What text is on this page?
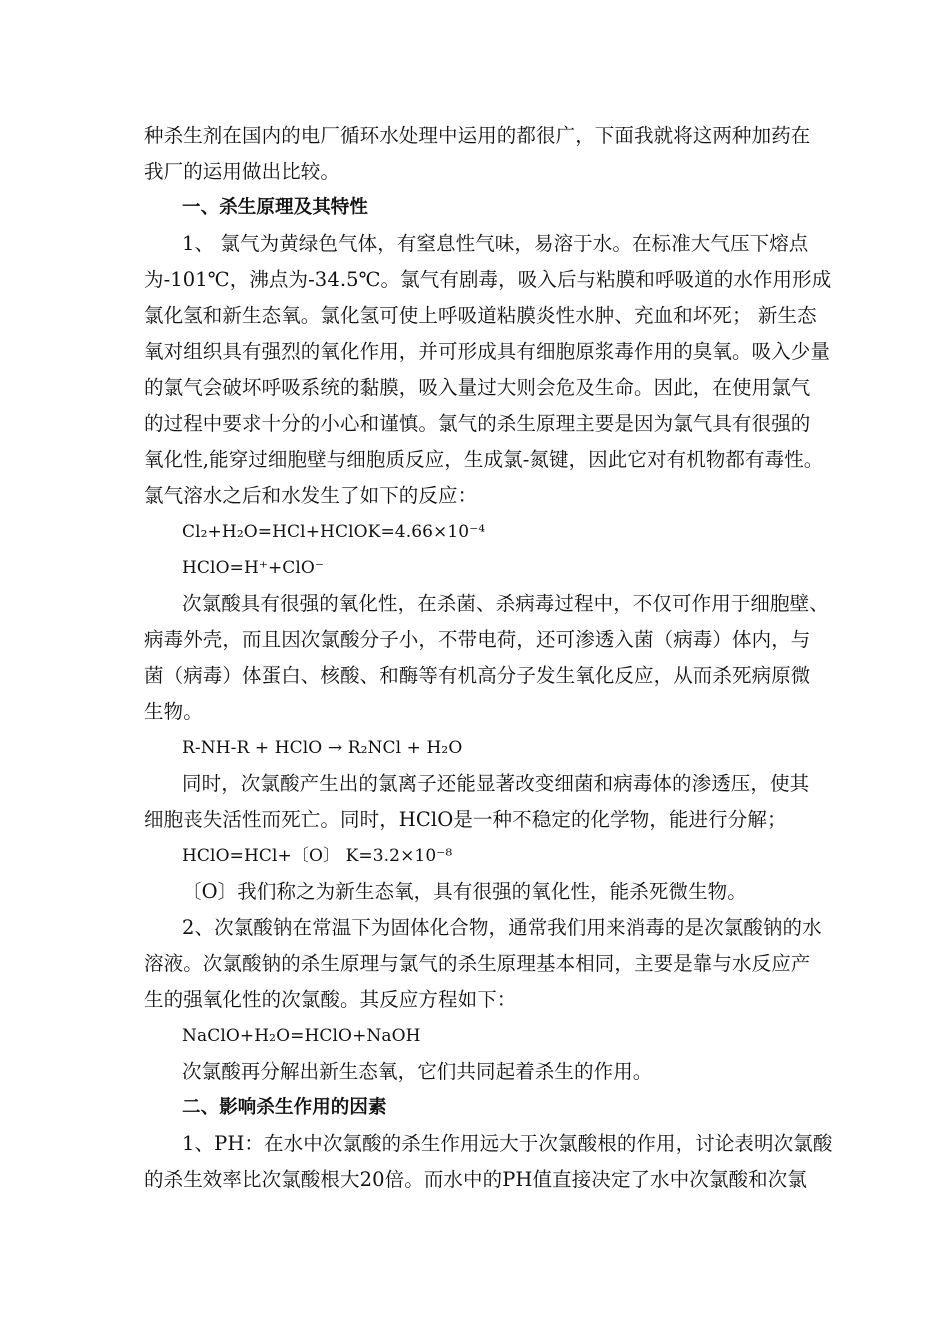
种杀生剂在国内的电厂循环水处理中运用的都很广，下面我就将这两种加药在
我厂的运用做出比较。
一、杀生原理及其特性
1、 氯气为黄绿色气体，有窒息性气味，易溶于水。在标准大气压下熔点
为-101℃，沸点为-34.5℃。氯气有剧毒，吸入后与粘膜和呼吸道的水作用形成
氯化氢和新生态氧。氯化氢可使上呼吸道粘膜炎性水肿、充血和坏死； 新生态
氧对组织具有强烈的氧化作用，并可形成具有细胞原浆毒作用的臭氧。吸入少量
的氯气会破坏呼吸系统的黏膜，吸入量过大则会危及生命。因此，在使用氯气
的过程中要求十分的小心和谨慎。氯气的杀生原理主要是因为氯气具有很强的
氧化性,能穿过细胞壁与细胞质反应，生成氯-氮键，因此它对有机物都有毒性。
氯气溶水之后和水发生了如下的反应：
Cl₂+H₂O=HCl+HClOK=4.66×10⁻⁴
HClO=H⁺+ClO⁻
次氯酸具有很强的氧化性，在杀菌、杀病毒过程中，不仅可作用于细胞壁、
病毒外壳，而且因次氯酸分子小，不带电荷，还可渗透入菌（病毒）体内，与
菌（病毒）体蛋白、核酸、和酶等有机高分子发生氧化反应，从而杀死病原微
生物。
R-NH-R + HClO → R₂NCl + H₂O
同时，次氯酸产生出的氯离子还能显著改变细菌和病毒体的渗透压，使其
细胞丧失活性而死亡。同时，HClO是一种不稳定的化学物，能进行分解；
HClO=HCl+〔O〕 K=3.2×10⁻⁸
〔O〕我们称之为新生态氧，具有很强的氧化性，能杀死微生物。
2、次氯酸钠在常温下为固体化合物，通常我们用来消毒的是次氯酸钠的水
溶液。次氯酸钠的杀生原理与氯气的杀生原理基本相同，主要是靠与水反应产
生的强氧化性的次氯酸。其反应方程如下：
NaClO+H₂O=HClO+NaOH
次氯酸再分解出新生态氧，它们共同起着杀生的作用。
二、影响杀生作用的因素
1、PH：在水中次氯酸的杀生作用远大于次氯酸根的作用，讨论表明次氯酸
的杀生效率比次氯酸根大20倍。而水中的PH值直接决定了水中次氯酸和次氯
